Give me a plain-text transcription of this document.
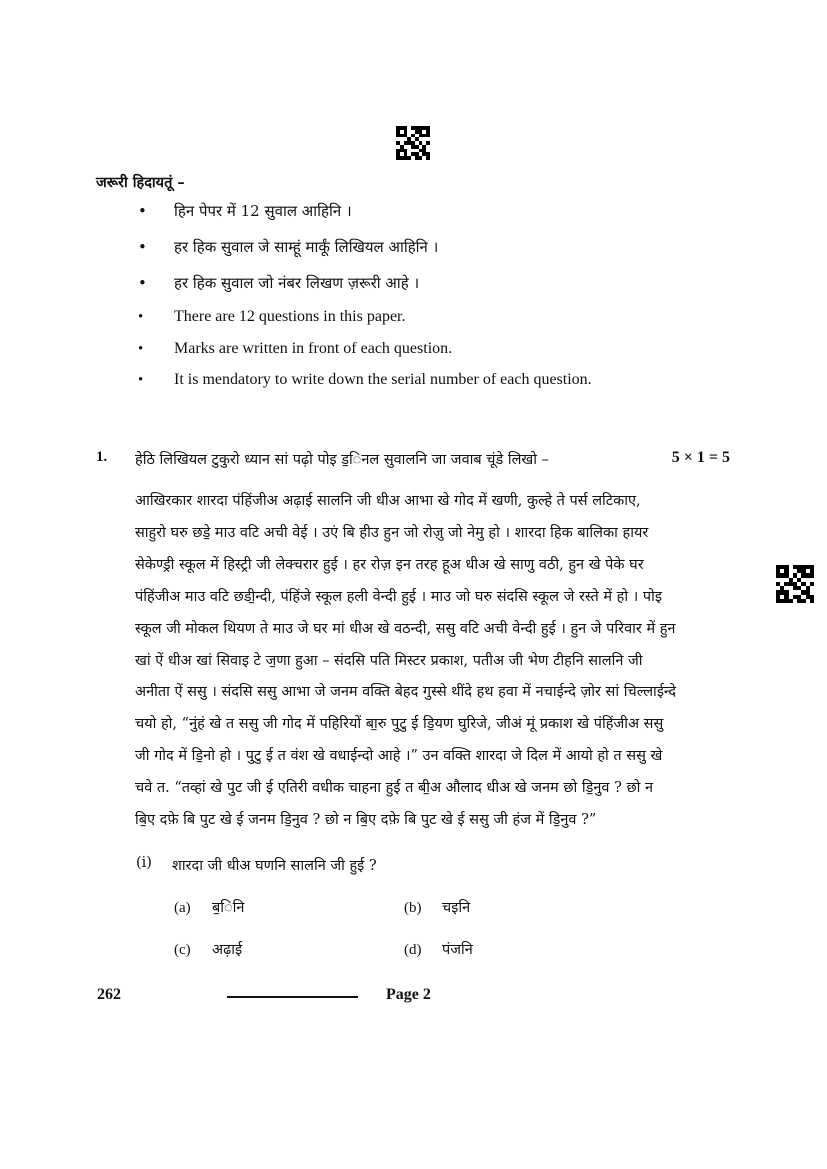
जरूरी हिदायतूं –
• हिन पेपर में 12 सुवाल आहिनि ।
• हर हिक सुवाल जे साम्हूं मार्कूं लिखियल आहिनि ।
• हर हिक सुवाल जो नंबर लिखण ज़रूरी आहे ।
• There are 12 questions in this paper.
• Marks are written in front of each question.
• It is mendatory to write down the serial number of each question.
1. हेठि लिखियल टुकुरो ध्यान सां पढ़ो पोइ ड॒िनल सुवालनि जा जवाब चूंडे लिखो –	5 × 1 = 5

आखिरकार शारदा पंहिंजीअ अढ़ाई सालनि जी धीअ आभा खे गोद में खणी, कुल्हे ते पर्स लटिकाए,
साहुरो घरु छडे॒ माउ वटि अची वेई । उएं बि हीउ हुन जो रोज़ु जो नेमु हो । शारदा हिक बालिका हायर
सेकेण्ड्री स्कूल में हिस्ट्री जी लेक्चरार हुई । हर रोज़ इन तरह हूअ धीअ खे साणु वठी, हुन खे पेके घर
पंहिंजीअ माउ वटि छडी॒न्दी, पंहिंजे स्कूल हली वेन्दी हुई । माउ जो घरु संदसि स्कूल जे रस्ते में हो । पोइ
स्कूल जी मोकल थियण ते माउ जे घर मां धीअ खे वठन्दी, ससु वटि अची वेन्दी हुई । हुन जे परिवार में हुन
खां ऐं धीअ खां सिवाइ टे ज॒णा हुआ – संदसि पति मिस्टर प्रकाश, पतीअ जी भेण टीहनि सालनि जी
अनीता ऐं ससु । संदसि ससु आभा जे जनम वक्ति बेहद गुस्से थींदे हथ हवा में नचाईन्दे ज़ोर सां चिल्लाईन्दे
चयो हो, “नुंहं खे त ससु जी गोद में पहिरियों बा॒रु पुटु ई डि॒यण घुरिजे, जीअं मूं प्रकाश खे पंहिंजीअ ससु
जी गोद में डि॒नो हो । पुटु ई त वंश खे वधाईन्दो आहे ।” उन वक्ति शारदा जे दिल में आयो हो त ससु खे
चवे त. “तव्हां खे पुट जी ई एतिरी वधीक चाहना हुई त बी॒अ औलाद धीअ खे जनम छो डि॒नुव ? छो न
बि॒ए दफ़े बि पुट खे ई जनम डि॒नुव ? छो न बि॒ए दफ़े बि पुट खे ई ससु जी हंज में डि॒नुव ?”

(i) शारदा जी धीअ घणनि सालनि जी हुई ?
(a) ब॒िनि	(b) चइनि
(c) अढ़ाई	(d) पंजनि
262	Page 2
